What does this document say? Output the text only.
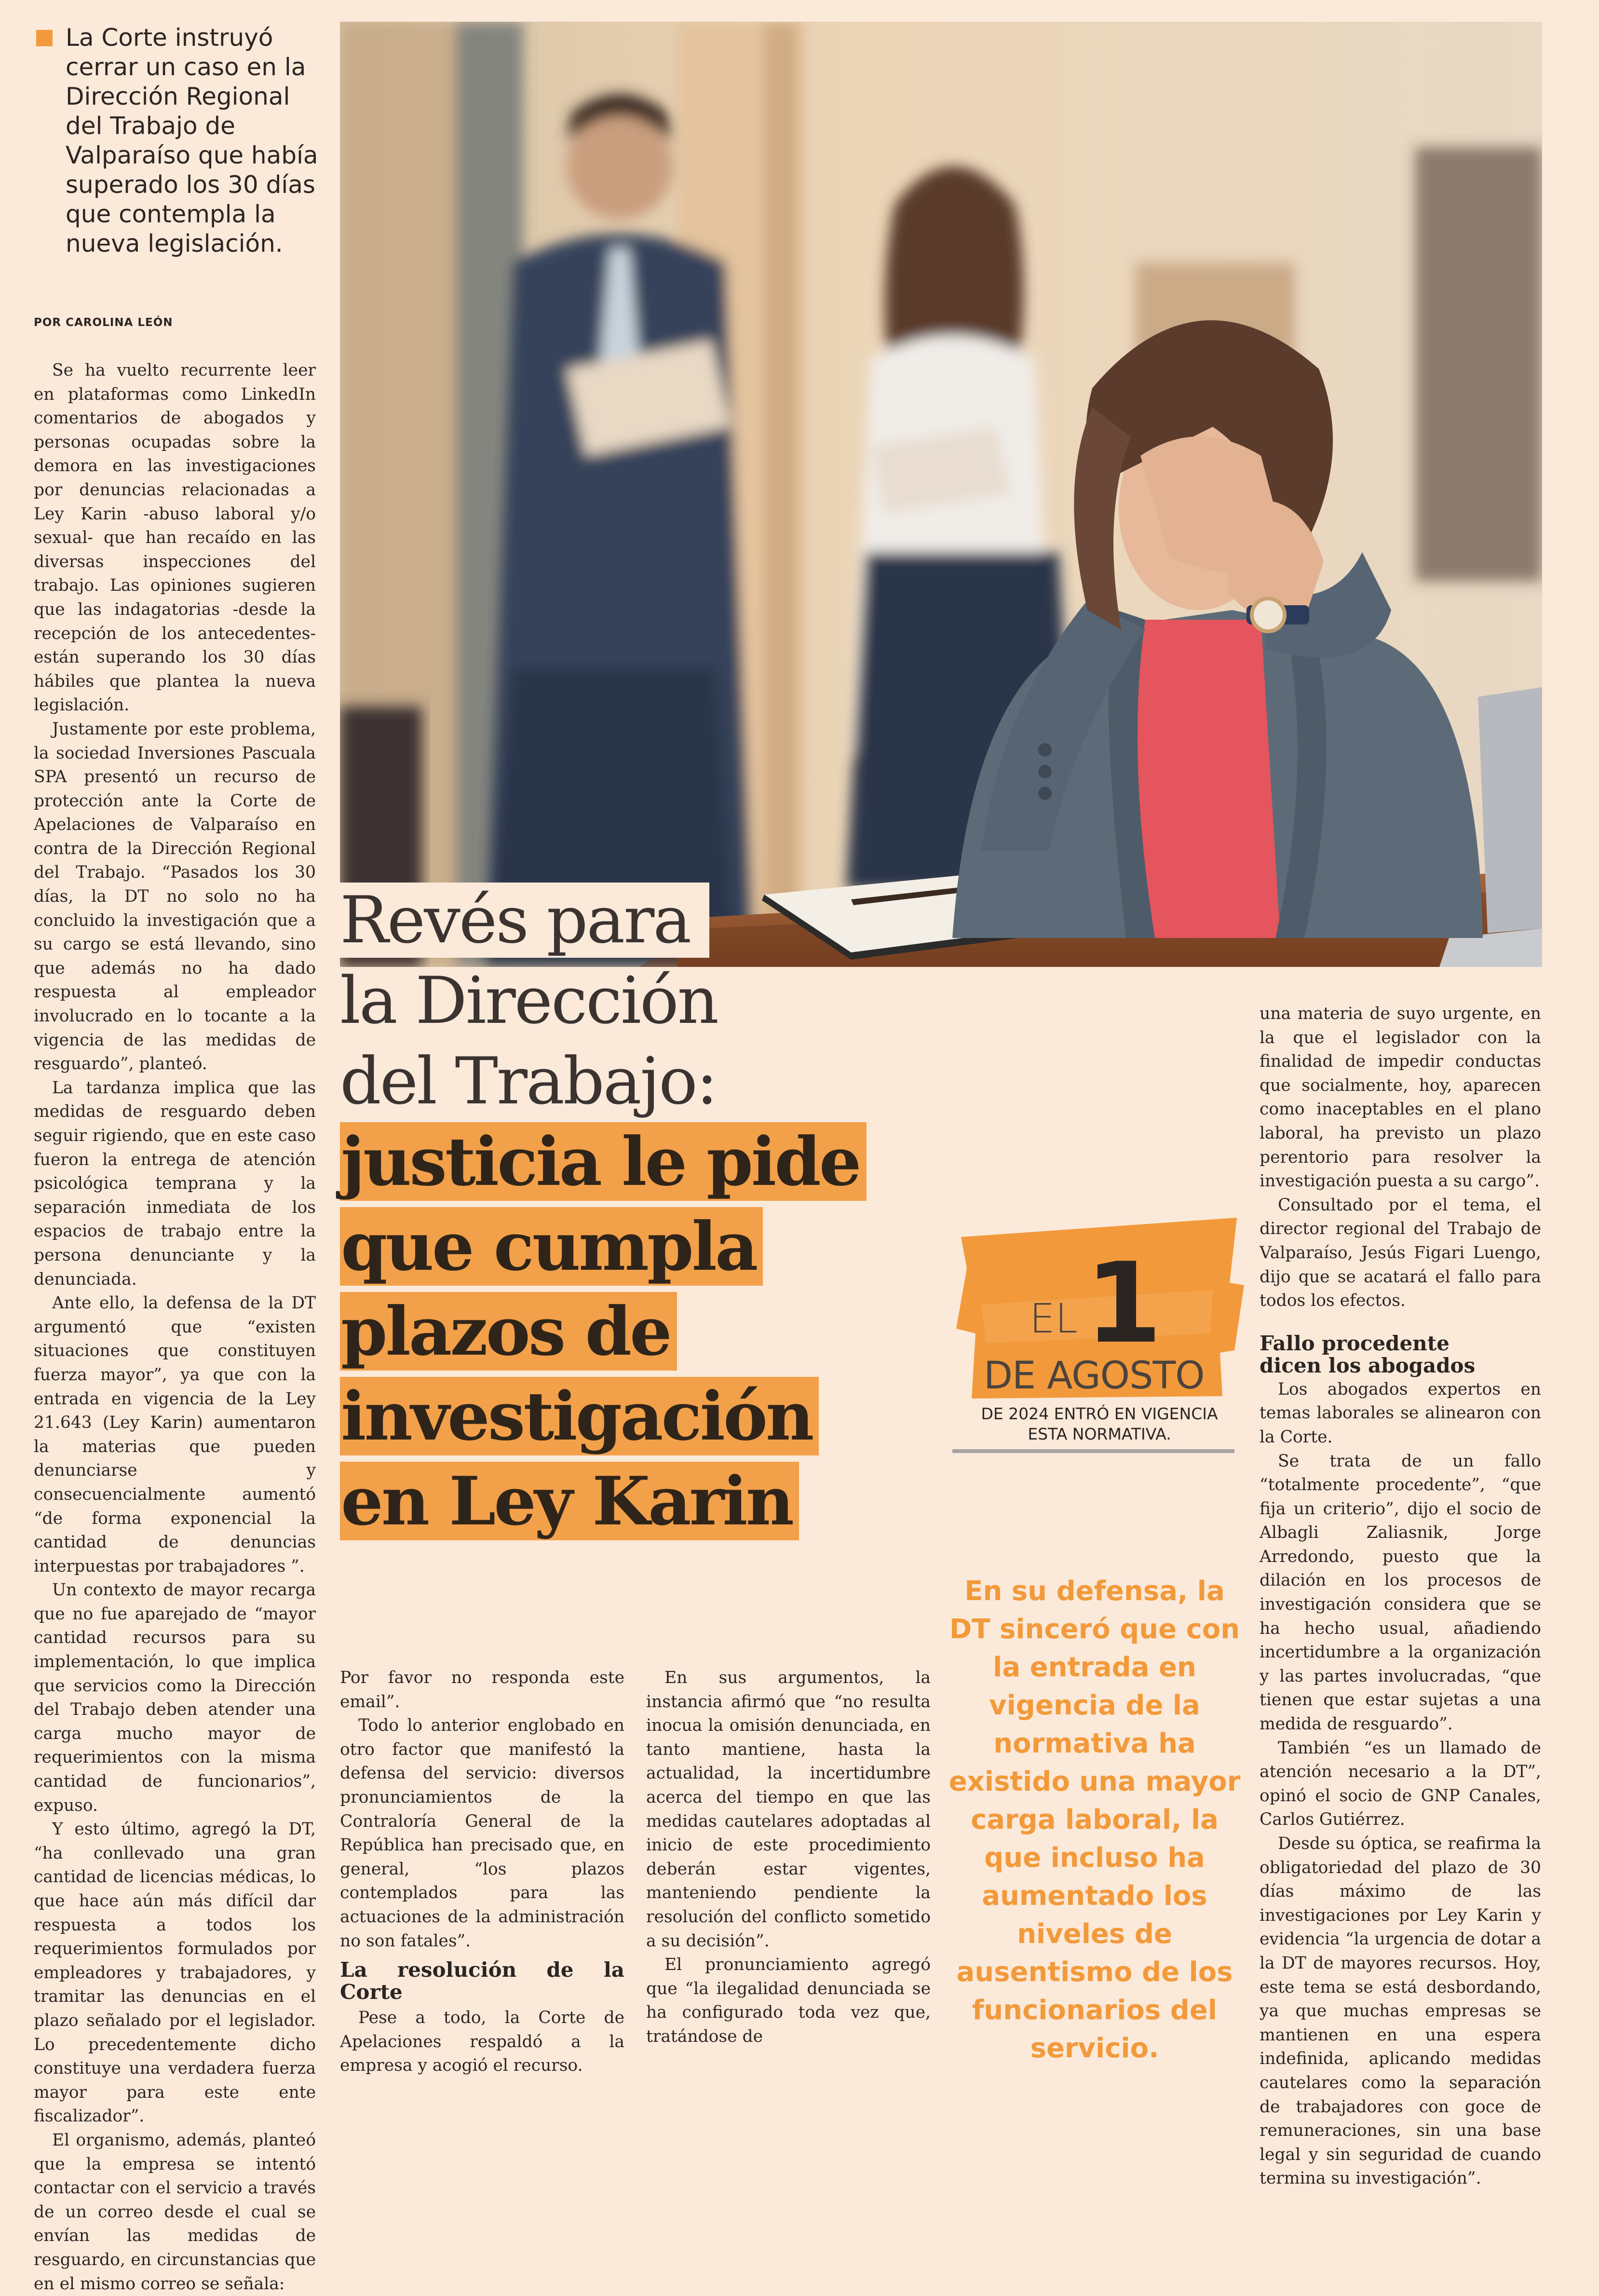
La Corte instruyó cerrar un caso en la Dirección Regional del Trabajo de Valparaíso que había superado los 30 días que contempla la nueva legislación.

POR CAROLINA LEÓN

Se ha vuelto recurrente leer en plataformas como LinkedIn comentarios de abogados y personas ocupadas sobre la demora en las investigaciones por denuncias relacionadas a Ley Karin -abuso laboral y/o sexual- que han recaído en las diversas inspecciones del trabajo. Las opiniones sugieren que las indagatorias -desde la recepción de los antecedentes- están superando los 30 días hábiles que plantea la nueva legislación.

Justamente por este problema, la sociedad Inversiones Pascuala SPA presentó un recurso de protección ante la Corte de Apelaciones de Valparaíso en contra de la Dirección Regional del Trabajo. “Pasados los 30 días, la DT no solo no ha concluido la investigación que a su cargo se está llevando, sino que además no ha dado respuesta al empleador involucrado en lo tocante a la vigencia de las medidas de resguardo”, planteó.

La tardanza implica que las medidas de resguardo deben seguir rigiendo, que en este caso fueron la entrega de atención psicológica temprana y la separación inmediata de los espacios de trabajo entre la persona denunciante y la denunciada.

Ante ello, la defensa de la DT argumentó que “existen situaciones que constituyen fuerza mayor”, ya que con la entrada en vigencia de la Ley 21.643 (Ley Karin) aumentaron la materias que pueden denunciarse y consecuencialmente aumentó “de forma exponencial la cantidad de denuncias interpuestas por trabajadores ”.

Un contexto de mayor recarga que no fue aparejado de “mayor cantidad recursos para su implementación, lo que implica que servicios como la Dirección del Trabajo deben atender una carga mucho mayor de requerimientos con la misma cantidad de funcionarios”, expuso.

Y esto último, agregó la DT, “ha conllevado una gran cantidad de licencias médicas, lo que hace aún más difícil dar respuesta a todos los requerimientos formulados por empleadores y trabajadores, y tramitar las denuncias en el plazo señalado por el legislador. Lo precedentemente dicho constituye una verdadera fuerza mayor para este ente fiscalizador”.

El organismo, además, planteó que la empresa se intentó contactar con el servicio a través de un correo desde el cual se envían las medidas de resguardo, en circunstancias que en el mismo correo se señala:

Revés para
la Dirección
del Trabajo:
justicia le pide
que cumpla
plazos de
investigación
en Ley Karin

Por favor no responda este email”.

Todo lo anterior englobado en otro factor que manifestó la defensa del servicio: diversos pronunciamientos de la Contraloría General de la República han precisado que, en general, “los plazos contemplados para las actuaciones de la administración no son fatales”.

La resolución de la Corte

Pese a todo, la Corte de Apelaciones respaldó a la empresa y acogió el recurso.

En sus argumentos, la instancia afirmó que “no resulta inocua la omisión denunciada, en tanto mantiene, hasta la actualidad, la incertidumbre acerca del tiempo en que las medidas cautelares adoptadas al inicio de este procedimiento deberán estar vigentes, manteniendo pendiente la resolución del conflicto sometido a su decisión”.

El pronunciamiento agregó que “la ilegalidad denunciada se ha configurado toda vez que, tratándose de

EL 1
DE AGOSTO
DE 2024 ENTRÓ EN VIGENCIA
ESTA NORMATIVA.
En su defensa, la DT sinceró que con la entrada en vigencia de la normativa ha existido una mayor carga laboral, la que incluso ha aumentado los niveles de ausentismo de los funcionarios del servicio.

una materia de suyo urgente, en la que el legislador con la finalidad de impedir conductas que socialmente, hoy, aparecen como inaceptables en el plano laboral, ha previsto un plazo perentorio para resolver la investigación puesta a su cargo”.

Consultado por el tema, el director regional del Trabajo de Valparaíso, Jesús Figari Luengo, dijo que se acatará el fallo para todos los efectos.

Fallo procedente
dicen los abogados

Los abogados expertos en temas laborales se alinearon con la Corte.

Se trata de un fallo “totalmente procedente”, “que fija un criterio”, dijo el socio de Albagli Zaliasnik, Jorge Arredondo, puesto que la dilación en los procesos de investigación considera que se ha hecho usual, añadiendo incertidumbre a la organización y las partes involucradas, “que tienen que estar sujetas a una medida de resguardo”.

También “es un llamado de atención necesario a la DT”, opinó el socio de GNP Canales, Carlos Gutiérrez.

Desde su óptica, se reafirma la obligatoriedad del plazo de 30 días máximo de las investigaciones por Ley Karin y evidencia “la urgencia de dotar a la DT de mayores recursos. Hoy, este tema se está desbordando, ya que muchas empresas se mantienen en una espera indefinida, aplicando medidas cautelares como la separación de trabajadores con goce de remuneraciones, sin una base legal y sin seguridad de cuando termina su investigación”.
